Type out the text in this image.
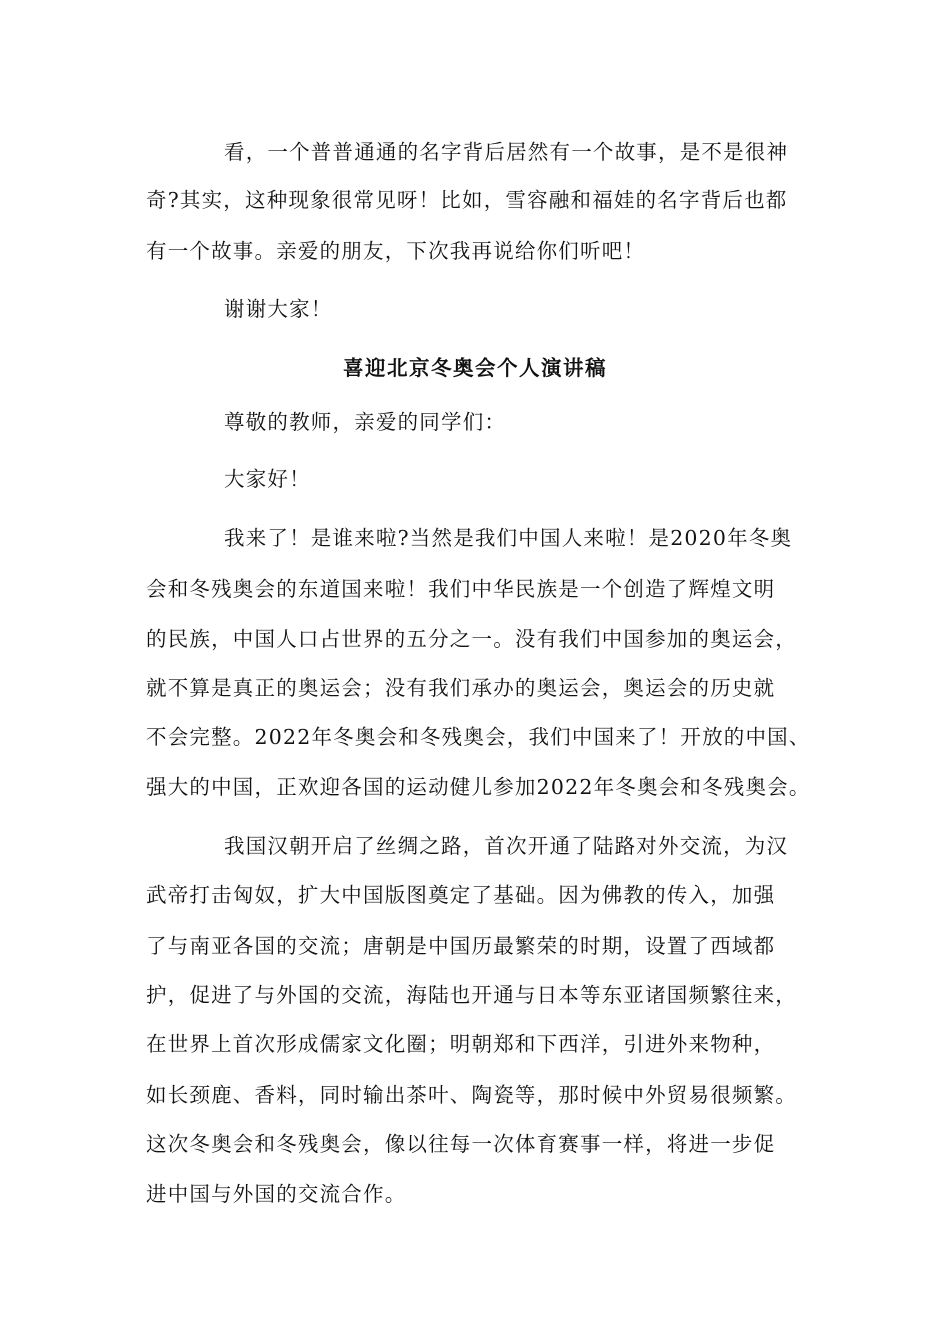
看，一个普普通通的名字背后居然有一个故事，是不是很神
奇?其实，这种现象很常见呀！比如，雪容融和福娃的名字背后也都
有一个故事。亲爱的朋友，下次我再说给你们听吧！
谢谢大家！
喜迎北京冬奥会个人演讲稿
尊敬的教师，亲爱的同学们：
大家好！
我来了！是谁来啦?当然是我们中国人来啦！是2020年冬奥
会和冬残奥会的东道国来啦！我们中华民族是一个创造了辉煌文明
的民族，中国人口占世界的五分之一。没有我们中国参加的奥运会，
就不算是真正的奥运会；没有我们承办的奥运会，奥运会的历史就
不会完整。2022年冬奥会和冬残奥会，我们中国来了！开放的中国、
强大的中国，正欢迎各国的运动健儿参加2022年冬奥会和冬残奥会。
我国汉朝开启了丝绸之路，首次开通了陆路对外交流，为汉
武帝打击匈奴，扩大中国版图奠定了基础。因为佛教的传入，加强
了与南亚各国的交流；唐朝是中国历最繁荣的时期，设置了西域都
护，促进了与外国的交流，海陆也开通与日本等东亚诸国频繁往来，
在世界上首次形成儒家文化圈；明朝郑和下西洋，引进外来物种，
如长颈鹿、香料，同时输出茶叶、陶瓷等，那时候中外贸易很频繁。
这次冬奥会和冬残奥会，像以往每一次体育赛事一样，将进一步促
进中国与外国的交流合作。
